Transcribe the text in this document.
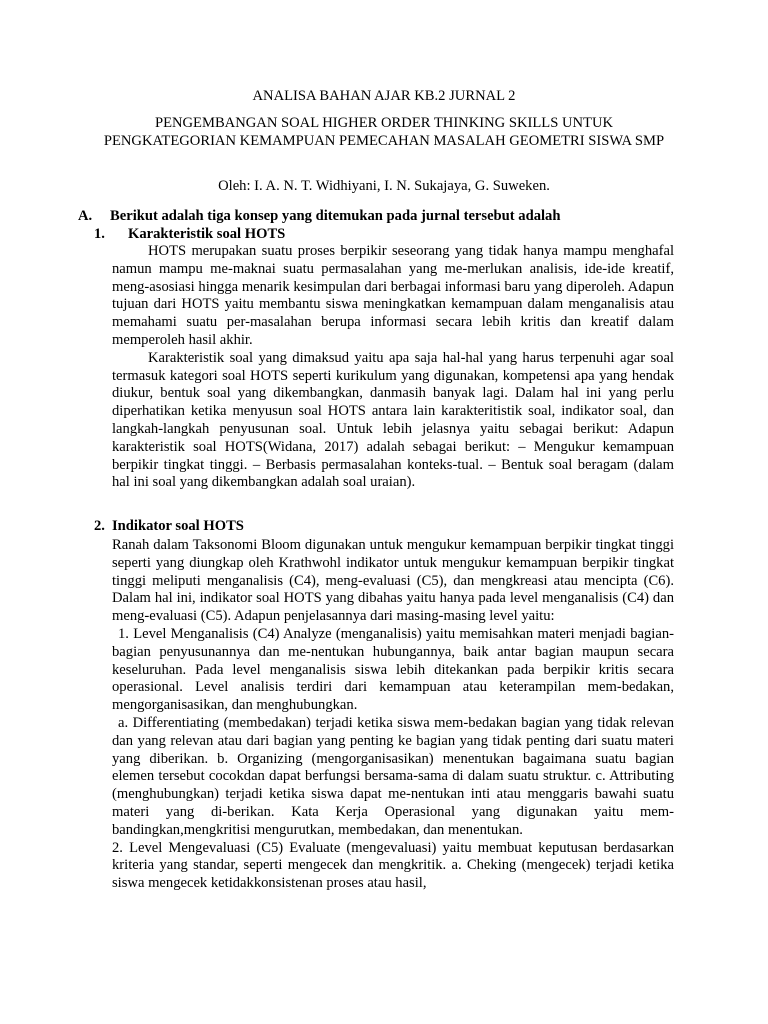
ANALISA BAHAN AJAR KB.2 JURNAL 2
PENGEMBANGAN SOAL HIGHER ORDER THINKING SKILLS UNTUK PENGKATEGORIAN KEMAMPUAN PEMECAHAN MASALAH GEOMETRI SISWA SMP
Oleh: I. A. N. T. Widhiyani, I. N. Sukajaya, G. Suweken.
A. Berikut adalah tiga konsep yang ditemukan pada jurnal tersebut adalah
1. Karakteristik soal HOTS

HOTS merupakan suatu proses berpikir seseorang yang tidak hanya mampu menghafal namun mampu me-maknai suatu permasalahan yang me-merlukan analisis, ide-ide kreatif, meng-asosiasi hingga menarik kesimpulan dari berbagai informasi baru yang diperoleh. Adapun tujuan dari HOTS yaitu membantu siswa meningkatkan kemampuan dalam menganalisis atau memahami suatu per-masalahan berupa informasi secara lebih kritis dan kreatif dalam memperoleh hasil akhir.

Karakteristik soal yang dimaksud yaitu apa saja hal-hal yang harus terpenuhi agar soal termasuk kategori soal HOTS seperti kurikulum yang digunakan, kompetensi apa yang hendak diukur, bentuk soal yang dikembangkan, danmasih banyak lagi. Dalam hal ini yang perlu diperhatikan ketika menyusun soal HOTS antara lain karakteritistik soal, indikator soal, dan langkah-langkah penyusunan soal. Untuk lebih jelasnya yaitu sebagai berikut: Adapun karakteristik soal HOTS(Widana, 2017) adalah sebagai berikut: – Mengukur kemampuan berpikir tingkat tinggi. – Berbasis permasalahan konteks-tual. – Bentuk soal beragam (dalam hal ini soal yang dikembangkan adalah soal uraian).

2. Indikator soal HOTS

Ranah dalam Taksonomi Bloom digunakan untuk mengukur kemampuan berpikir tingkat tinggi seperti yang diungkap oleh Krathwohl indikator untuk mengukur kemampuan berpikir tingkat tinggi meliputi menganalisis (C4), meng-evaluasi (C5), dan mengkreasi atau mencipta (C6). Dalam hal ini, indikator soal HOTS yang dibahas yaitu hanya pada level menganalisis (C4) dan meng-evaluasi (C5). Adapun penjelasannya dari masing-masing level yaitu:

1. Level Menganalisis (C4) Analyze (menganalisis) yaitu memisahkan materi menjadi bagian-bagian penyusunannya dan me-nentukan hubungannya, baik antar bagian maupun secara keseluruhan. Pada level menganalisis siswa lebih ditekankan pada berpikir kritis secara operasional. Level analisis terdiri dari kemampuan atau keterampilan mem-bedakan, mengorganisasikan, dan menghubungkan.

a. Differentiating (membedakan) terjadi ketika siswa mem-bedakan bagian yang tidak relevan dan yang relevan atau dari bagian yang penting ke bagian yang tidak penting dari suatu materi yang diberikan. b. Organizing (mengorganisasikan) menentukan bagaimana suatu bagian elemen tersebut cocokdan dapat berfungsi bersama-sama di dalam suatu struktur. c. Attributing (menghubungkan) terjadi ketika siswa dapat me-nentukan inti atau menggaris bawahi suatu materi yang di-berikan. Kata Kerja Operasional yang digunakan yaitu mem-bandingkan,mengkritisi mengurutkan, membedakan, dan menentukan.

2. Level Mengevaluasi (C5) Evaluate (mengevaluasi) yaitu membuat keputusan berdasarkan kriteria yang standar, seperti mengecek dan mengkritik. a. Cheking (mengecek) terjadi ketika siswa mengecek ketidakkonsistenan proses atau hasil,
